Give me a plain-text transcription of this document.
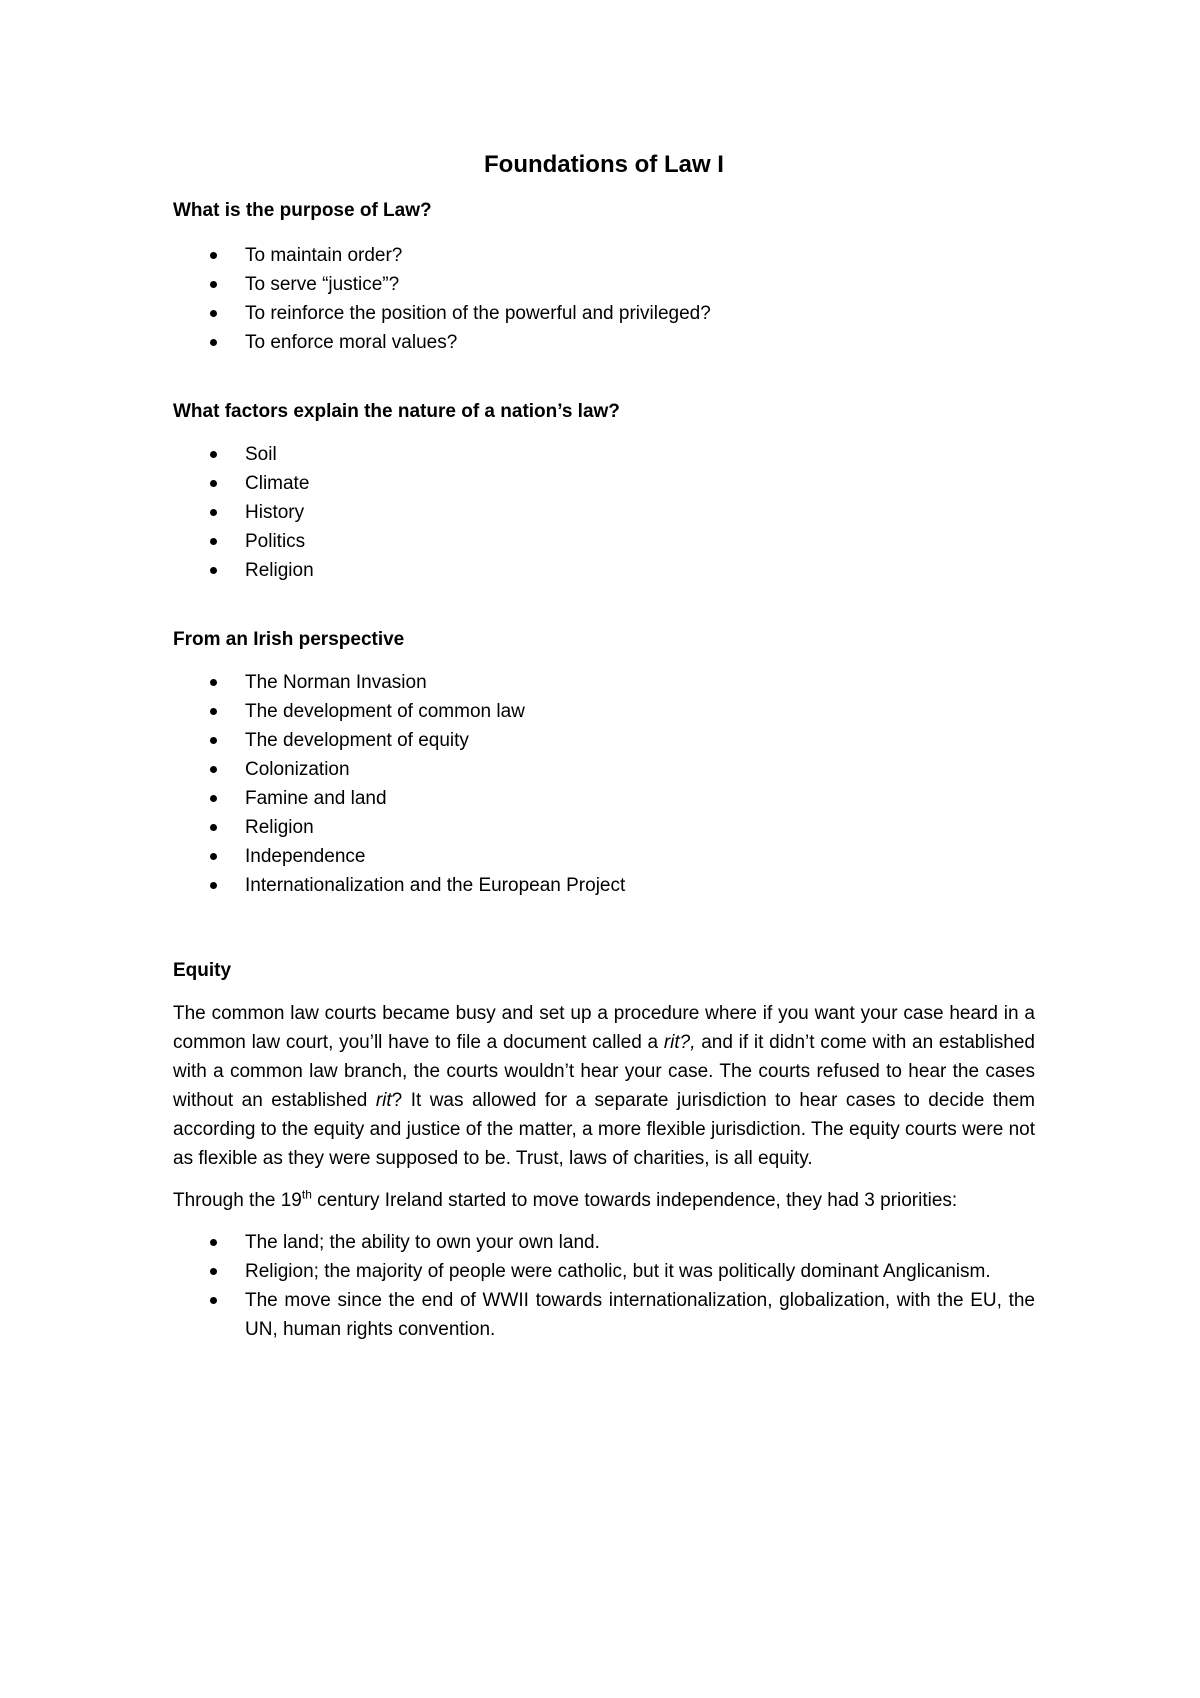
Foundations of Law I

What is the purpose of Law?

To maintain order?
To serve “justice”?
To reinforce the position of the powerful and privileged?
To enforce moral values?

What factors explain the nature of a nation’s law?

Soil
Climate
History
Politics
Religion

From an Irish perspective

The Norman Invasion
The development of common law
The development of equity
Colonization
Famine and land
Religion
Independence
Internationalization and the European Project

Equity

The common law courts became busy and set up a procedure where if you want your case heard in a common law court, you’ll have to file a document called a rit?, and if it didn’t come with an established with a common law branch, the courts wouldn’t hear your case. The courts refused to hear the cases without an established rit? It was allowed for a separate jurisdiction to hear cases to decide them according to the equity and justice of the matter, a more flexible jurisdiction. The equity courts were not as flexible as they were supposed to be. Trust, laws of charities, is all equity.

Through the 19th century Ireland started to move towards independence, they had 3 priorities:

The land; the ability to own your own land.
Religion; the majority of people were catholic, but it was politically dominant Anglicanism.
The move since the end of WWII towards internationalization, globalization, with the EU, the UN, human rights convention.
